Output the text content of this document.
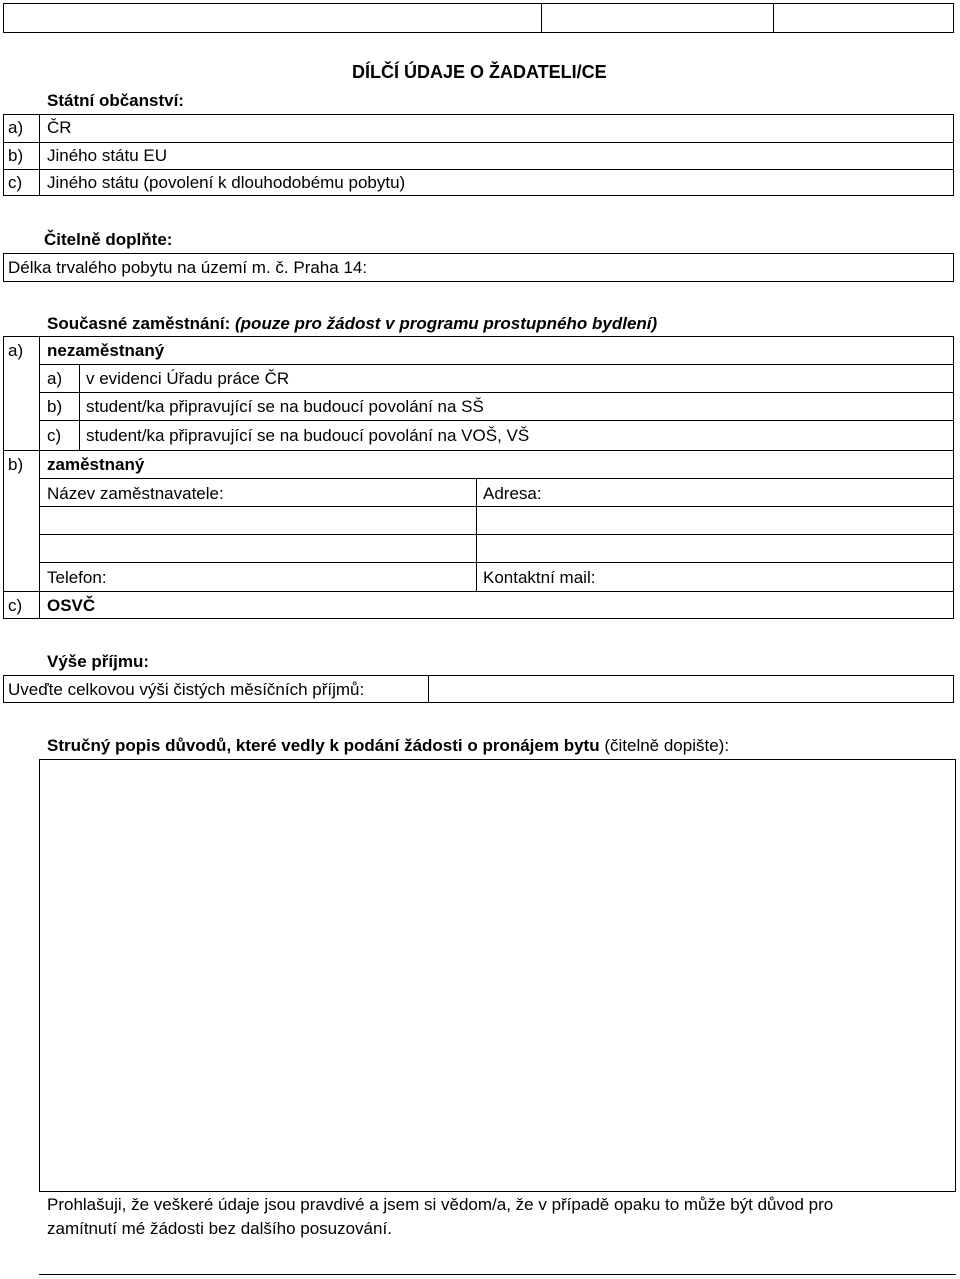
DÍLČÍ ÚDAJE O ŽADATELI/CE
Státní občanství:
a) ČR
b) Jiného státu EU
c) Jiného státu (povolení k dlouhodobému pobytu)
Čitelně doplňte:
Délka trvalého pobytu na území m. č. Praha 14:
Současné zaměstnání: (pouze pro žádost v programu prostupného bydlení)
a) nezaměstnaný
a) v evidenci Úřadu práce ČR
b) student/ka připravující se na budoucí povolání na SŠ
c) student/ka připravující se na budoucí povolání na VOŠ, VŠ
b) zaměstnaný
Název zaměstnavatele:	Adresa:
Telefon:	Kontaktní mail:
c) OSVČ
Výše příjmu:
Uveďte celkovou výši čistých měsíčních příjmů:
Stručný popis důvodů, které vedly k podání žádosti o pronájem bytu (čitelně dopište):
Prohlašuji, že veškeré údaje jsou pravdivé a jsem si vědom/a, že v případě opaku to může být důvod pro
zamítnutí mé žádosti bez dalšího posuzování.
